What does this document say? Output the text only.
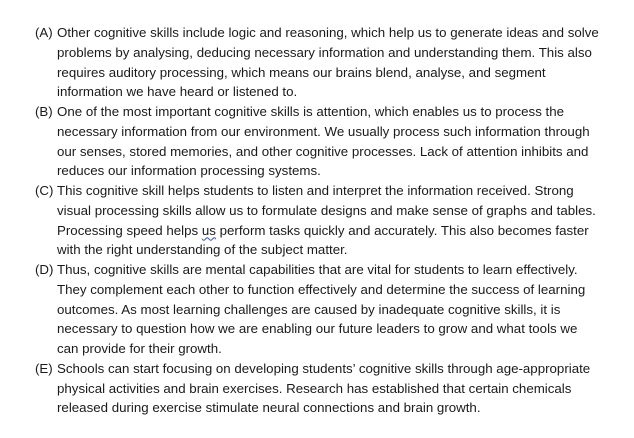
(A) Other cognitive skills include logic and reasoning, which help us to generate ideas and solve
problems by analysing, deducing necessary information and understanding them. This also
requires auditory processing, which means our brains blend, analyse, and segment
information we have heard or listened to.
(B) One of the most important cognitive skills is attention, which enables us to process the
necessary information from our environment. We usually process such information through
our senses, stored memories, and other cognitive processes. Lack of attention inhibits and
reduces our information processing systems.
(C) This cognitive skill helps students to listen and interpret the information received. Strong
visual processing skills allow us to formulate designs and make sense of graphs and tables.
Processing speed helps us perform tasks quickly and accurately. This also becomes faster
with the right understanding of the subject matter.
(D) Thus, cognitive skills are mental capabilities that are vital for students to learn effectively.
They complement each other to function effectively and determine the success of learning
outcomes. As most learning challenges are caused by inadequate cognitive skills, it is
necessary to question how we are enabling our future leaders to grow and what tools we
can provide for their growth.
(E) Schools can start focusing on developing students’ cognitive skills through age-appropriate
physical activities and brain exercises. Research has established that certain chemicals
released during exercise stimulate neural connections and brain growth.
